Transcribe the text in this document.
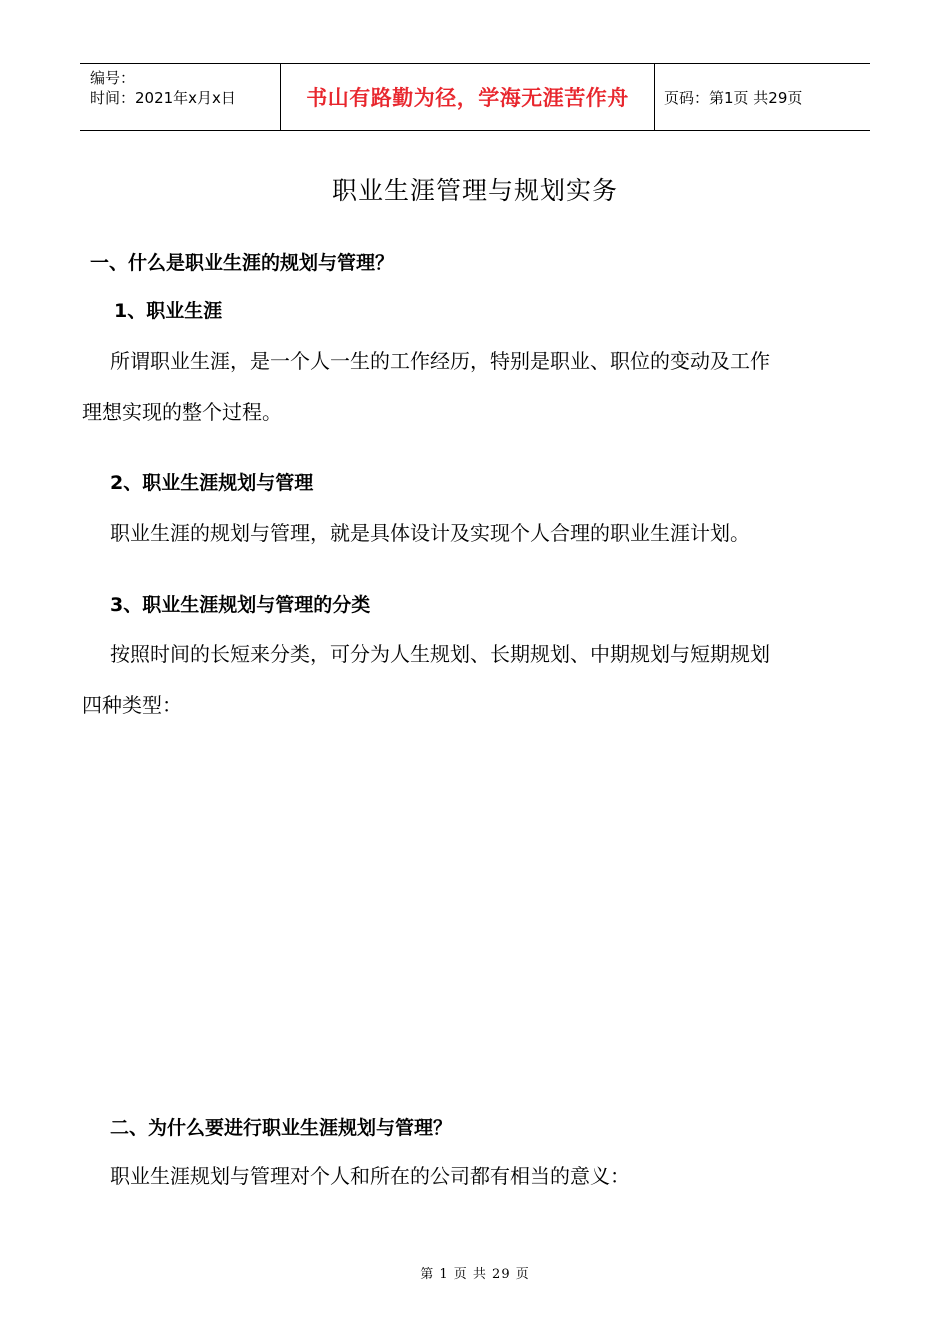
编号：
时间：2021年x月x日	书山有路勤为径，学海无涯苦作舟	页码：第1页 共29页
职业生涯管理与规划实务
一、什么是职业生涯的规划与管理？
1、职业生涯
所谓职业生涯，是一个人一生的工作经历，特别是职业、职位的变动及工作
理想实现的整个过程。
2、职业生涯规划与管理
职业生涯的规划与管理，就是具体设计及实现个人合理的职业生涯计划。
3、职业生涯规划与管理的分类
按照时间的长短来分类，可分为人生规划、长期规划、中期规划与短期规划
四种类型：
二、为什么要进行职业生涯规划与管理？
职业生涯规划与管理对个人和所在的公司都有相当的意义：
第 1 页 共 29 页
